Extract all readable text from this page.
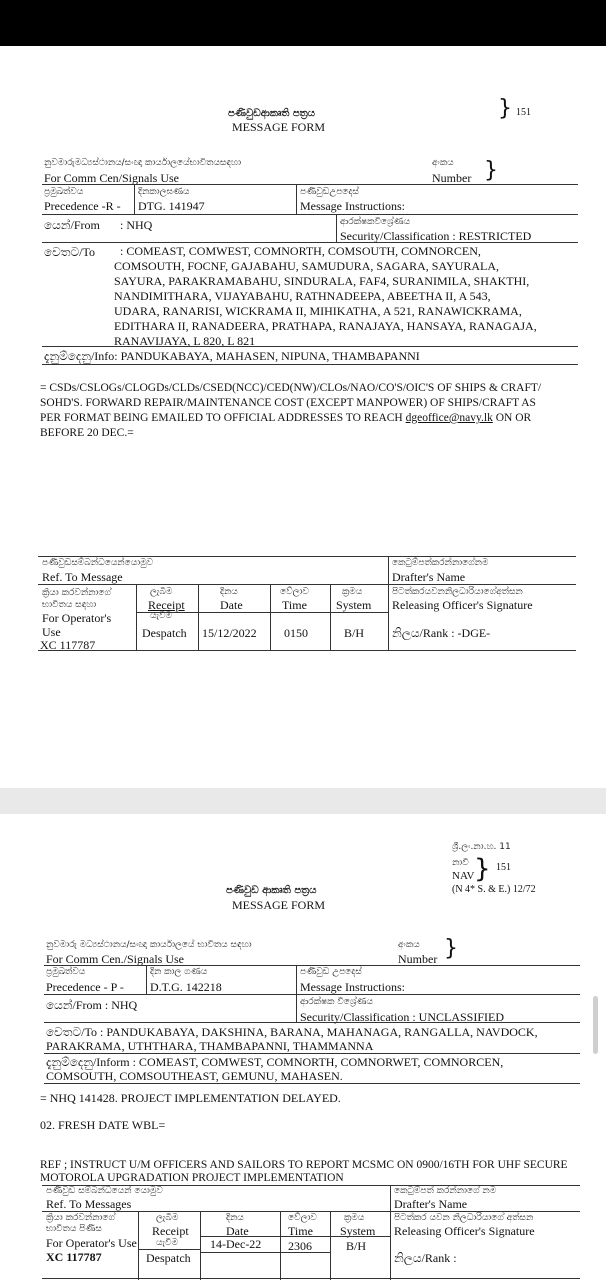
පණිවුඩආකෘති පත්‍රය
MESSAGE FORM
} 151
නුවමාරුමධ්‍යස්ථානය/සංඥා කාර්යාලයේභාවිතයසඳහා
For Comm Cen/Signals Use
අංකය
Number }
ප්‍රමුඛත්වය
Precedence -R -
දිනකාලඝණය
DTG. 141947
පණිවුඩඋපදෙස්
Message Instructions:
යෙන්/From : NHQ	ආරක්ෂකවිශ්‍රේණය
Security/Classification : RESTRICTED
වෙතට/To : COMEAST, COMWEST, COMNORTH, COMSOUTH, COMNORCEN,
COMSOUTH, FOCNF, GAJABAHU, SAMUDURA, SAGARA, SAYURALA,
SAYURA, PARAKRAMABAHU, SINDURALA, FAF4, SURANIMILA, SHAKTHI,
NANDIMITHARA, VIJAYABAHU, RATHNADEEPA, ABEETHA II, A 543,
UDARA, RANARISI, WICKRAMA II, MIHIKATHA, A 521, RANAWICKRAMA,
EDITHARA II, RANADEERA, PRATHAPA, RANAJAYA, HANSAYA, RANAGAJA,
RANAVIJAYA, L 820, L 821
දැනුම්දෙනු/Info: PANDUKABAYA, MAHASEN, NIPUNA, THAMBAPANNI
= CSDs/CSLOGs/CLOGDs/CLDs/CSED(NCC)/CED(NW)/CLOs/NAO/CO'S/OIC'S OF SHIPS & CRAFT/
SOHD'S. FORWARD REPAIR/MAINTENANCE COST (EXCEPT MANPOWER) OF SHIPS/CRAFT AS
PER FORMAT BEING EMAILED TO OFFICIAL ADDRESSES TO REACH dgeoffice@navy.lk ON OR
BEFORE 20 DEC.=
පණිවුඩසම්බන්ධයෙන්යොමුව
Ref. To Message
කෙටුම්පත්කරන්නාගේනම
Drafter's Name
ක්‍රියා කරවන්නාගේ භාවිතය සඳහා
For Operator's Use
XC 117787
ලැබීම
Receipt
යැවීම
Despatch
දිනය
Date
15/12/2022
වේලාව
Time
0150
ක්‍රමය
System
B/H
පිටත්කරයවනනිලධාරියාගේඅත්සන
Releasing Officer's Signature
නිලය/Rank : -DGE-
ශ්‍රී.ලං.නා.හ. 11
නාවි
NAV } 151
(N 4* S. & E.) 12/72
පණිවුඩ ආකෘති පත්‍රය
MESSAGE FORM
නුවමාරු මධ්‍යස්ථානය/සංඥා කාර්යාලයේ භාවිතය සඳහා
For Comm Cen./Signals Use
අංකය
Number }
ප්‍රමුඛත්වය
Precedence - P -
දින කාල ගණය
D.T.G. 142218
පණිවුඩ උපදෙස්
Message Instructions:
යෙන්/From : NHQ	ආරක්ෂක විශ්‍රේණය
Security/Classification : UNCLASSIFIED
වෙතට/To : PANDUKABAYA, DAKSHINA, BARANA, MAHANAGA, RANGALLA, NAVDOCK,
PARAKRAMA, UTHTHARA, THAMBAPANNI, THAMMANNA
දැනුම්දෙනු/Inform : COMEAST, COMWEST, COMNORTH, COMNORWET, COMNORCEN,
COMSOUTH, COMSOUTHEAST, GEMUNU, MAHASEN.
= NHQ 141428. PROJECT IMPLEMENTATION DELAYED.
02. FRESH DATE WBL=
REF ; INSTRUCT U/M OFFICERS AND SAILORS TO REPORT MCSMC ON 0900/16TH FOR UHF SECURE
MOTOROLA UPGRADATION PROJECT IMPLEMENTATION
පණිවුඩ සම්බන්ධයෙන් යොමුව
Ref. To Messages
කෙටුම්පත් කරන්නාගේ නම
Drafter's Name
ක්‍රියා කරවන්නාගේ භාවිතය පිණිස
For Operator's Use
XC 117787
ලැබීම
Receipt
යැවීම
Despatch
දිනය
Date
14-Dec-22
වේලාව
Time
2306
ක්‍රමය
System
B/H
පිටත්කර යවන නිලධාරියාගේ අත්සන
Releasing Officer's Signature
නිලය/Rank :
